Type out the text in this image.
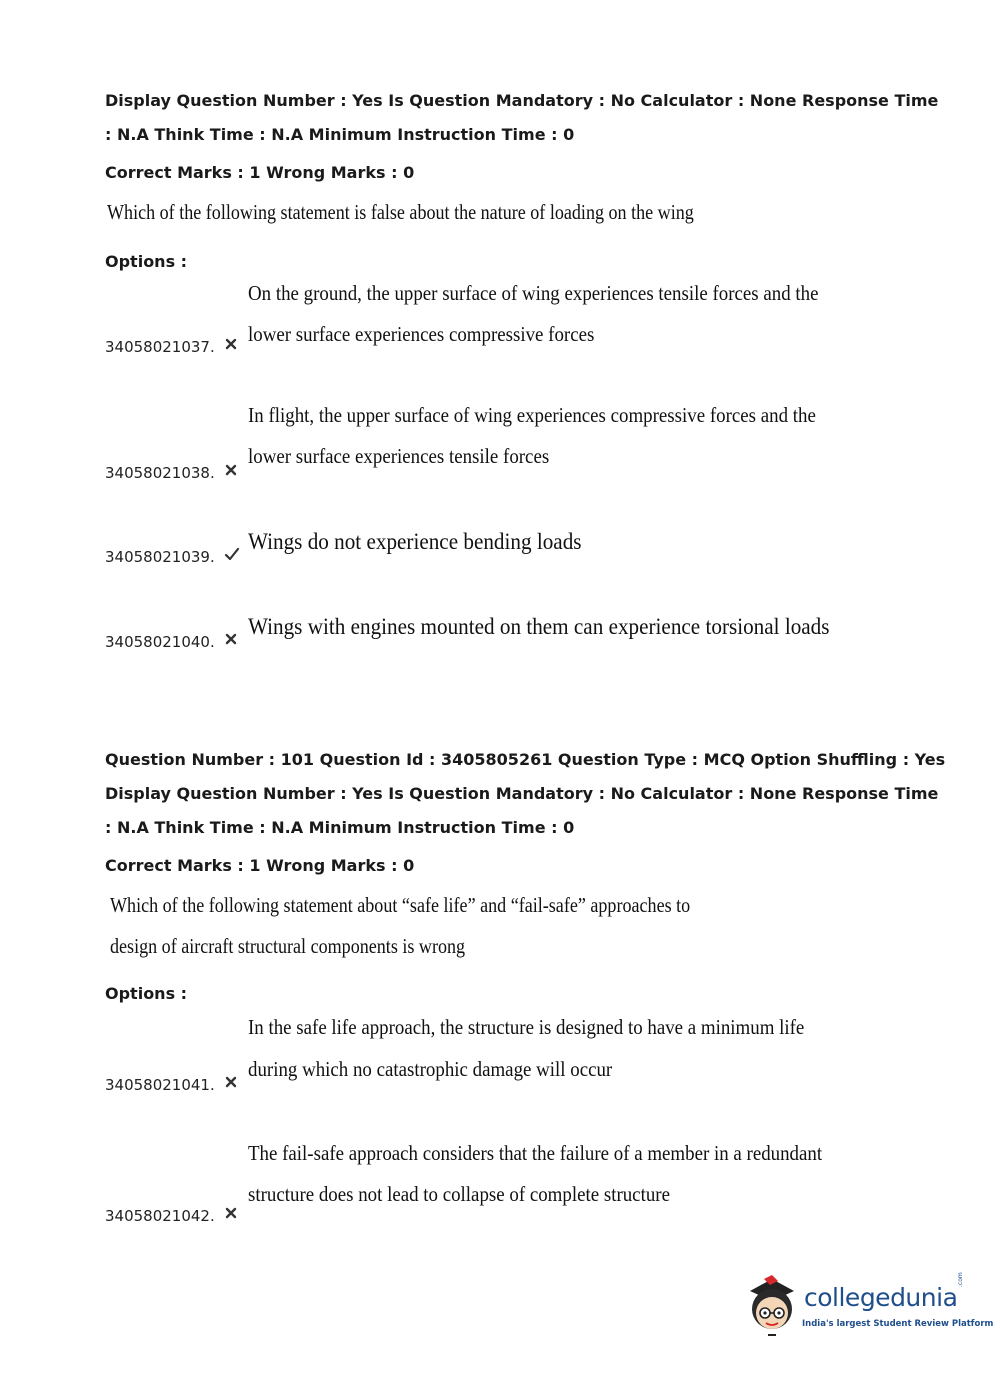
Display Question Number : Yes Is Question Mandatory : No Calculator : None Response Time
: N.A Think Time : N.A Minimum Instruction Time : 0
Correct Marks : 1 Wrong Marks : 0
Which of the following statement is false about the nature of loading on the wing
Options :
On the ground, the upper surface of wing experiences tensile forces and the
lower surface experiences compressive forces
34058021037.
In flight, the upper surface of wing experiences compressive forces and the
lower surface experiences tensile forces
34058021038.
Wings do not experience bending loads
34058021039.
Wings with engines mounted on them can experience torsional loads
34058021040.
Question Number : 101 Question Id : 3405805261 Question Type : MCQ Option Shuffling : Yes
Display Question Number : Yes Is Question Mandatory : No Calculator : None Response Time
: N.A Think Time : N.A Minimum Instruction Time : 0
Correct Marks : 1 Wrong Marks : 0
Which of the following statement about “safe life” and “fail-safe” approaches to
design of aircraft structural components is wrong
Options :
In the safe life approach, the structure is designed to have a minimum life
during which no catastrophic damage will occur
34058021041.
The fail-safe approach considers that the failure of a member in a redundant
structure does not lead to collapse of complete structure
34058021042.
collegedunia
.com
India's largest Student Review Platform
